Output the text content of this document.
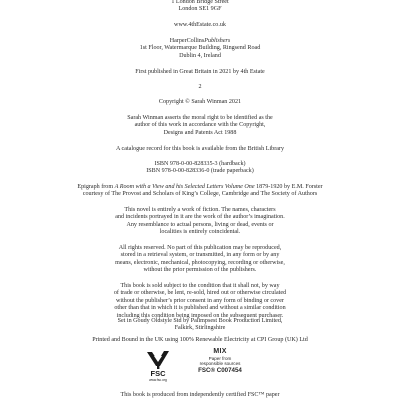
1 London Bridge Street
London SE1 9GF
www.4thEstate.co.uk
HarperCollinsPublishers
1st Floor, Watermarque Building, Ringsend Road
Dublin 4, Ireland
First published in Great Britain in 2021 by 4th Estate
2
Copyright © Sarah Winman 2021
Sarah Winman asserts the moral right to be identified as the
author of this work in accordance with the Copyright,
Designs and Patents Act 1988
A catalogue record for this book is available from the British Library
ISBN 978-0-00-828335-3 (hardback)
ISBN 978-0-00-828336-0 (trade paperback)
Epigraph from A Room with a View and his Selected Letters Volume One 1879-1920 by E.M. Forster
courtesy of The Provost and Scholars of King’s College, Cambridge and The Society of Authors
This novel is entirely a work of fiction. The names, characters
and incidents portrayed in it are the work of the author’s imagination.
Any resemblance to actual persons, living or dead, events or
localities is entirely coincidental.
All rights reserved. No part of this publication may be reproduced,
stored in a retrieval system, or transmitted, in any form or by any
means, electronic, mechanical, photocopying, recording or otherwise,
without the prior permission of the publishers.
This book is sold subject to the condition that it shall not, by way
of trade or otherwise, be lent, re-sold, hired out or otherwise circulated
without the publisher’s prior consent in any form of binding or cover
other than that in which it is published and without a similar condition
including this condition being imposed on the subsequent purchaser.
Set in Goudy Oldstyle Std by Palimpsest Book Production Limited,
Falkirk, Stirlingshire
Printed and Bound in the UK using 100% Renewable Electricity at CPI Group (UK) Ltd
FSC
www.fsc.org
MIX
Paper from
responsible sources
FSC® C007454
This book is produced from independently certified FSC™ paper
